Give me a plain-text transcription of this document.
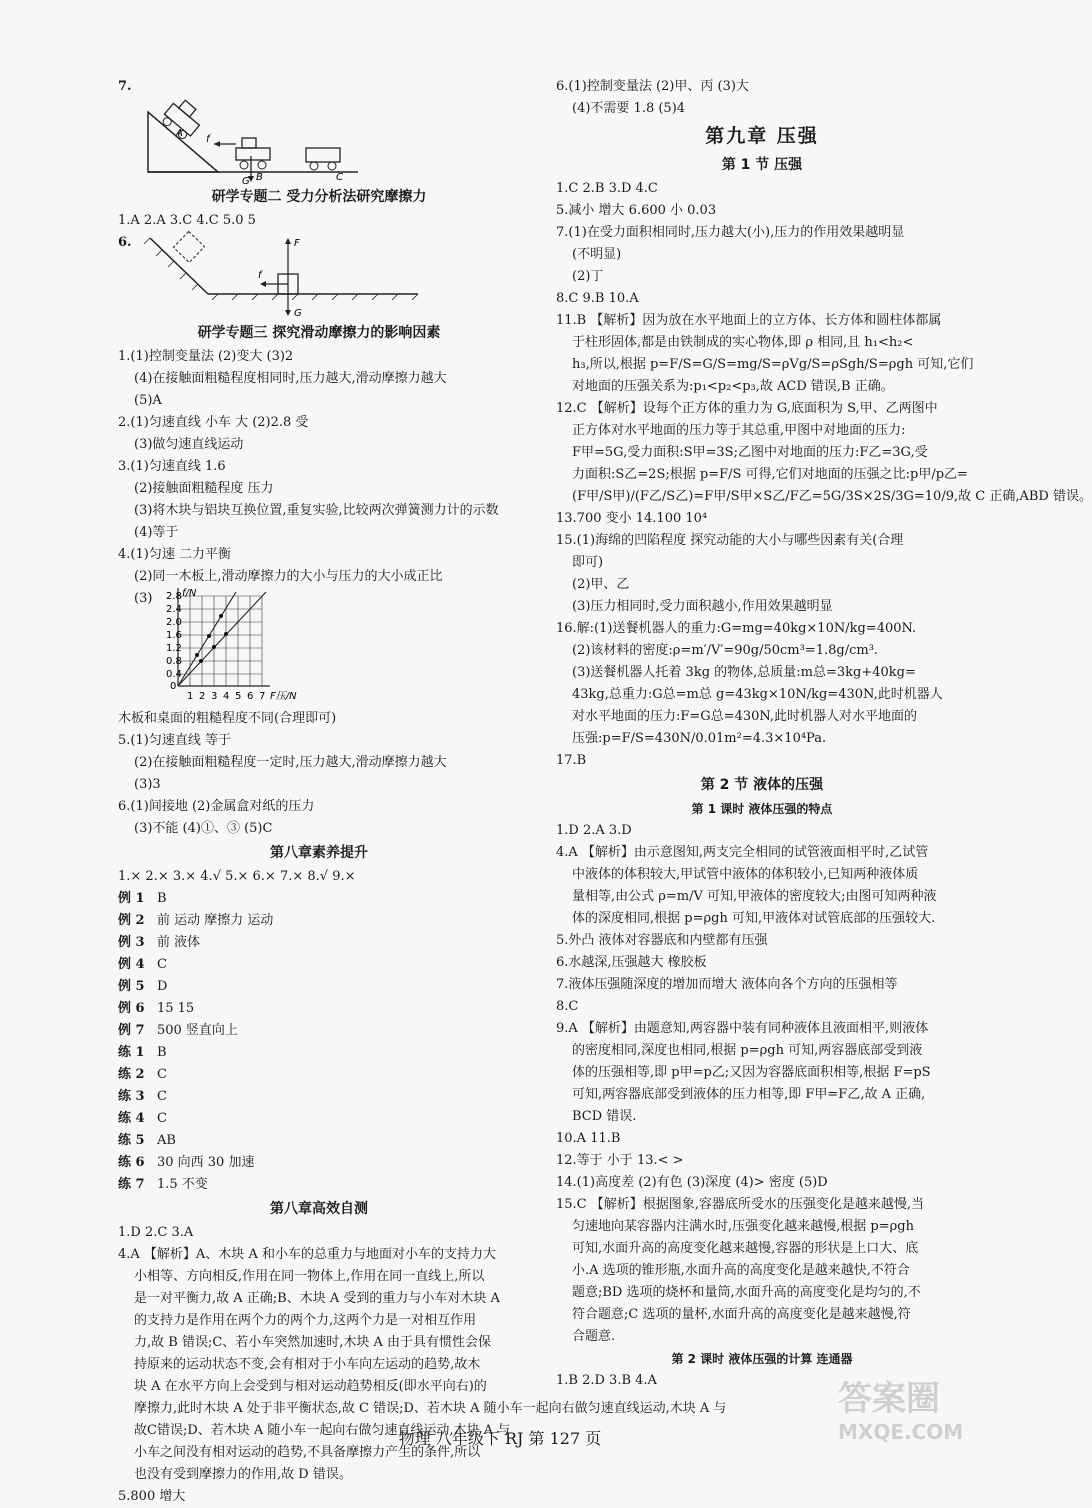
7.
A
f
B	C
G
研学专题二 受力分析法研究摩擦力
1.A 2.A 3.C 4.C 5.0 5
6.	F
f
G
研学专题三 探究滑动摩擦力的影响因素
1.(1)控制变量法 (2)变大 (3)2
(4)在接触面粗糙程度相同时,压力越大,滑动摩擦力越大
(5)A
2.(1)匀速直线 小车 大 (2)2.8 受
(3)做匀速直线运动
3.(1)匀速直线 1.6
(2)接触面粗糙程度 压力
(3)将木块与铝块互换位置,重复实验,比较两次弹簧测力计的示数
(4)等于
4.(1)匀速 二力平衡
(2)同一木板上,滑动摩擦力的大小与压力的大小成正比
(3)	f/N
2.8
2.4
2.0
1.6
1.2
0.8
0.4
0
1 2 3 4 5 6 7 F压/N
木板和桌面的粗糙程度不同(合理即可)
5.(1)匀速直线 等于
(2)在接触面粗糙程度一定时,压力越大,滑动摩擦力越大
(3)3
6.(1)间接地 (2)金属盒对纸的压力
(3)不能 (4)①、③ (5)C
第八章素养提升
1.× 2.× 3.× 4.√ 5.× 6.× 7.× 8.√ 9.×
例 1 B
例 2 前 运动 摩擦力 运动
例 3 前 液体
例 4 C
例 5 D
例 6 15 15
例 7 500 竖直向上
练 1 B
练 2 C
练 3 C
练 4 C
练 5 AB
练 6 30 向西 30 加速
练 7 1.5 不变
第八章高效自测
1.D 2.C 3.A
4.A 【解析】A、木块 A 和小车的总重力与地面对小车的支持力大
小相等、方向相反,作用在同一物体上,作用在同一直线上,所以
是一对平衡力,故 A 正确;B、木块 A 受到的重力与小车对木块 A
的支持力是作用在两个力的两个力,这两个力是一对相互作用
力,故 B 错误;C、若小车突然加速时,木块 A 由于具有惯性会保
持原来的运动状态不变,会有相对于小车向左运动的趋势,故木
块 A 在水平方向上会受到与相对运动趋势相反(即水平向右)的
摩擦力,此时木块 A 处于非平衡状态,故 C 错误;D、若木块 A 随小车一起向右做匀速直线运动,木块 A 与
故C错误;D、若木块 A 随小车一起向右做匀速直线运动,木块 A 与
小车之间没有相对运动的趋势,不具备摩擦力产生的条件,所以
也没有受到摩擦力的作用,故 D 错误。
5.800 增大
6.(1)控制变量法 (2)甲、丙 (3)大
(4)不需要 1.8 (5)4
第九章 压强
第 1 节 压强
1.C 2.B 3.D 4.C
5.减小 增大 6.600 小 0.03
7.(1)在受力面积相同时,压力越大(小),压力的作用效果越明显
(不明显)
(2)丁
8.C 9.B 10.A
11.B 【解析】因为放在水平地面上的立方体、长方体和圆柱体都属
于柱形固体,都是由铁制成的实心物体,即 ρ 相同,且 h₁<h₂<
h₃,所以,根据 p=F/S=G/S=mg/S=ρVg/S=ρSgh/S=ρgh 可知,它们
对地面的压强关系为:p₁<p₂<p₃,故 ACD 错误,B 正确。
12.C 【解析】设每个正方体的重力为 G,底面积为 S,甲、乙两图中
正方体对水平地面的压力等于其总重,甲图中对地面的压力:
F甲=5G,受力面积:S甲=3S;乙图中对地面的压力:F乙=3G,受
力面积:S乙=2S;根据 p=F/S 可得,它们对地面的压强之比:p甲/p乙=
(F甲/S甲)/(F乙/S乙)=F甲/S甲×S乙/F乙=5G/3S×2S/3G=10/9,故 C 正确,ABD 错误。
13.700 变小 14.100 10⁴
15.(1)海绵的凹陷程度 探究动能的大小与哪些因素有关(合理
即可)
(2)甲、乙
(3)压力相同时,受力面积越小,作用效果越明显
16.解:(1)送餐机器人的重力:G=mg=40kg×10N/kg=400N.
(2)该材料的密度:ρ=m′/V′=90g/50cm³=1.8g/cm³.
(3)送餐机器人托着 3kg 的物体,总质量:m总=3kg+40kg=
43kg,总重力:G总=m总 g=43kg×10N/kg=430N,此时机器人
对水平地面的压力:F=G总=430N,此时机器人对水平地面的
压强:p=F/S=430N/0.01m²=4.3×10⁴Pa.
17.B
第 2 节 液体的压强
第 1 课时 液体压强的特点
1.D 2.A 3.D
4.A 【解析】由示意图知,两支完全相同的试管液面相平时,乙试管
中液体的体积较大,甲试管中液体的体积较小,已知两种液体质
量相等,由公式 ρ=m/V 可知,甲液体的密度较大;由图可知两种液
体的深度相同,根据 p=ρgh 可知,甲液体对试管底部的压强较大.
5.外凸 液体对容器底和内壁都有压强
6.水越深,压强越大 橡胶板
7.液体压强随深度的增加而增大 液体向各个方向的压强相等
8.C
9.A 【解析】由题意知,两容器中装有同种液体且液面相平,则液体
的密度相同,深度也相同,根据 p=ρgh 可知,两容器底部受到液
体的压强相等,即 p甲=p乙;又因为容器底面积相等,根据 F=pS
可知,两容器底部受到液体的压力相等,即 F甲=F乙,故 A 正确,
BCD 错误.
10.A 11.B
12.等于 小于 13.< >
14.(1)高度差 (2)有色 (3)深度 (4)> 密度 (5)D
15.C 【解析】根据图象,容器底所受水的压强变化是越来越慢,当
匀速地向某容器内注满水时,压强变化越来越慢,根据 p=ρgh
可知,水面升高的高度变化越来越慢,容器的形状是上口大、底
小.A 选项的锥形瓶,水面升高的高度变化是越来越快,不符合
题意;BD 选项的烧杯和量筒,水面升高的高度变化是均匀的,不
符合题意;C 选项的量杯,水面升高的高度变化是越来越慢,符
合题意.
第 2 课时 液体压强的计算 连通器
1.B 2.D 3.B 4.A
物理 八年级下 RJ 第 127 页
答案圈
MXQE.COM
